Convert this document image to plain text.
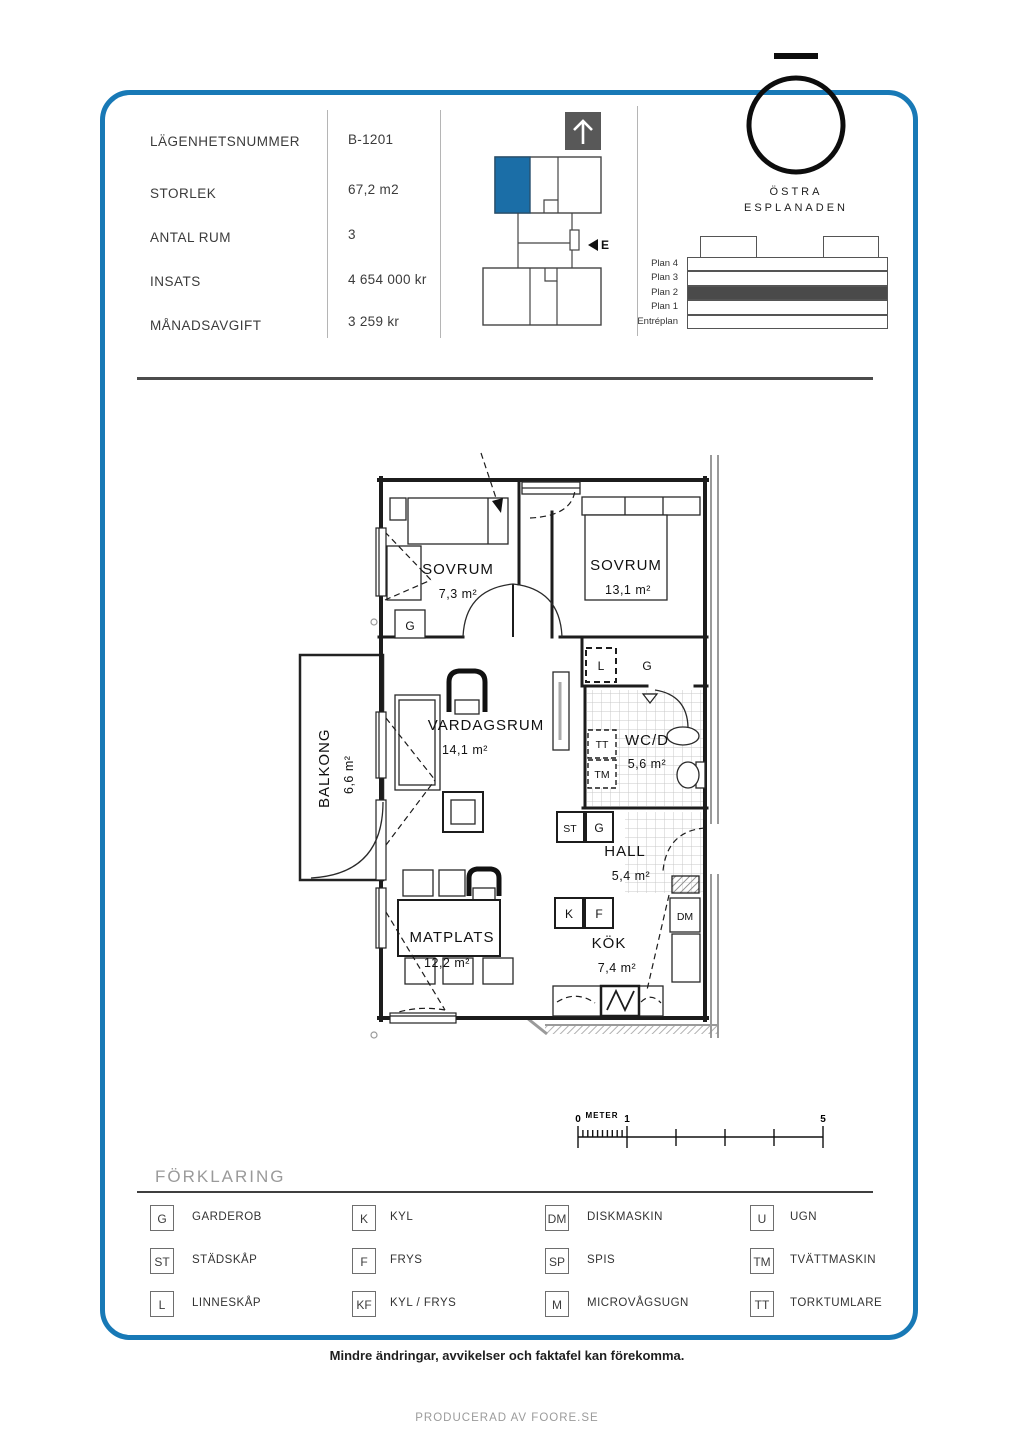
LÄGENHETSNUMMER	B-1201
STORLEK	67,2 m2
ANTAL RUM	3
INSATS	4 654 000 kr
MÅNADSAVGIFT	3 259 kr
E
ÖSTRA
ESPLANADEN
Plan 4
Plan 3
Plan 2
Plan 1
Entréplan
BALKONG 6,6 m²
TT
TM
WC/D
5,6 m²
L	G
ST G
HALL
5,4 m²
K F	DM
KÖK
7,4 m²
G
SOVRUM
7,3 m²
SOVRUM
13,1 m²
VARDAGSRUM
14,1 m²
MATPLATS
12,2 m²
0 METER 1	5
FÖRKLARING
G	GARDEROB
ST	STÄDSKÅP
L	LINNESKÅP
K	KYL
F	FRYS
KF	KYL / FRYS
DM DISKMASKIN
SP	SPIS
M	MICROVÅGSUGN
U	UGN
TM TVÄTTMASKIN
TT	TORKTUMLARE
Mindre ändringar, avvikelser och faktafel kan förekomma.
PRODUCERAD AV FOORE.SE
